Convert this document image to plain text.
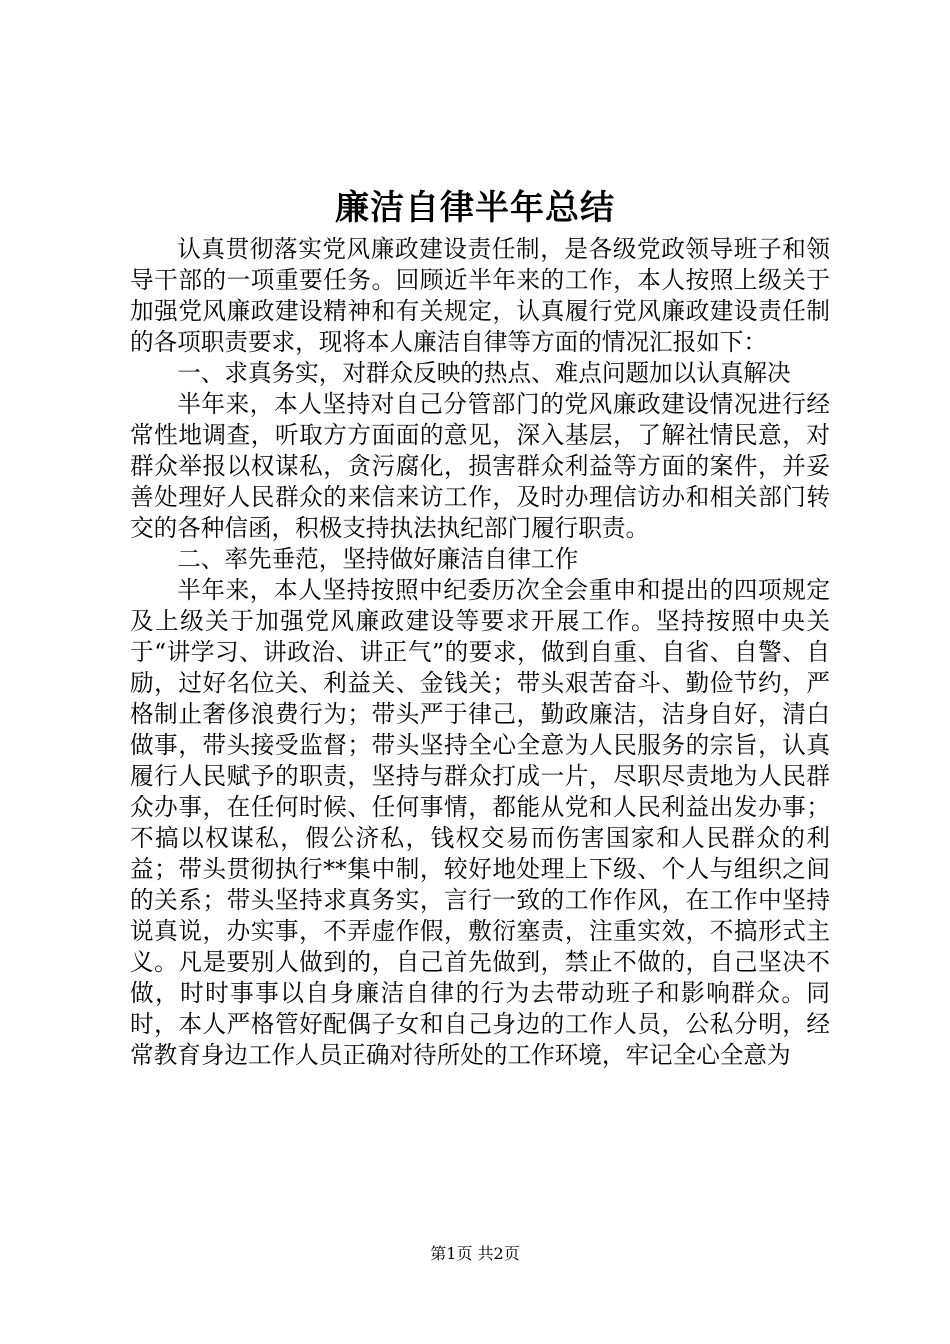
廉洁自律半年总结

认真贯彻落实党风廉政建设责任制，是各级党政领导班子和领导干部的一项重要任务。回顾近半年来的工作，本人按照上级关于加强党风廉政建设精神和有关规定，认真履行党风廉政建设责任制的各项职责要求，现将本人廉洁自律等方面的情况汇报如下：

一、求真务实，对群众反映的热点、难点问题加以认真解决

半年来，本人坚持对自己分管部门的党风廉政建设情况进行经常性地调查，听取方方面面的意见，深入基层，了解社情民意，对群众举报以权谋私，贪污腐化，损害群众利益等方面的案件，并妥善处理好人民群众的来信来访工作，及时办理信访办和相关部门转交的各种信函，积极支持执法执纪部门履行职责。

二、率先垂范，坚持做好廉洁自律工作

半年来，本人坚持按照中纪委历次全会重申和提出的四项规定及上级关于加强党风廉政建设等要求开展工作。坚持按照中央关于“讲学习、讲政治、讲正气”的要求，做到自重、自省、自警、自励，过好名位关、利益关、金钱关；带头艰苦奋斗、勤俭节约，严格制止奢侈浪费行为；带头严于律己，勤政廉洁，洁身自好，清白做事，带头接受监督；带头坚持全心全意为人民服务的宗旨，认真履行人民赋予的职责，坚持与群众打成一片，尽职尽责地为人民群众办事，在任何时候、任何事情，都能从党和人民利益出发办事；不搞以权谋私，假公济私，钱权交易而伤害国家和人民群众的利益；带头贯彻执行**集中制，较好地处理上下级、个人与组织之间的关系；带头坚持求真务实，言行一致的工作作风，在工作中坚持说真说，办实事，不弄虚作假，敷衍塞责，注重实效，不搞形式主义。凡是要别人做到的，自己首先做到，禁止不做的，自己坚决不做，时时事事以自身廉洁自律的行为去带动班子和影响群众。同时，本人严格管好配偶子女和自己身边的工作人员，公私分明，经常教育身边工作人员正确对待所处的工作环境，牢记全心全意为

第1页 共2页
